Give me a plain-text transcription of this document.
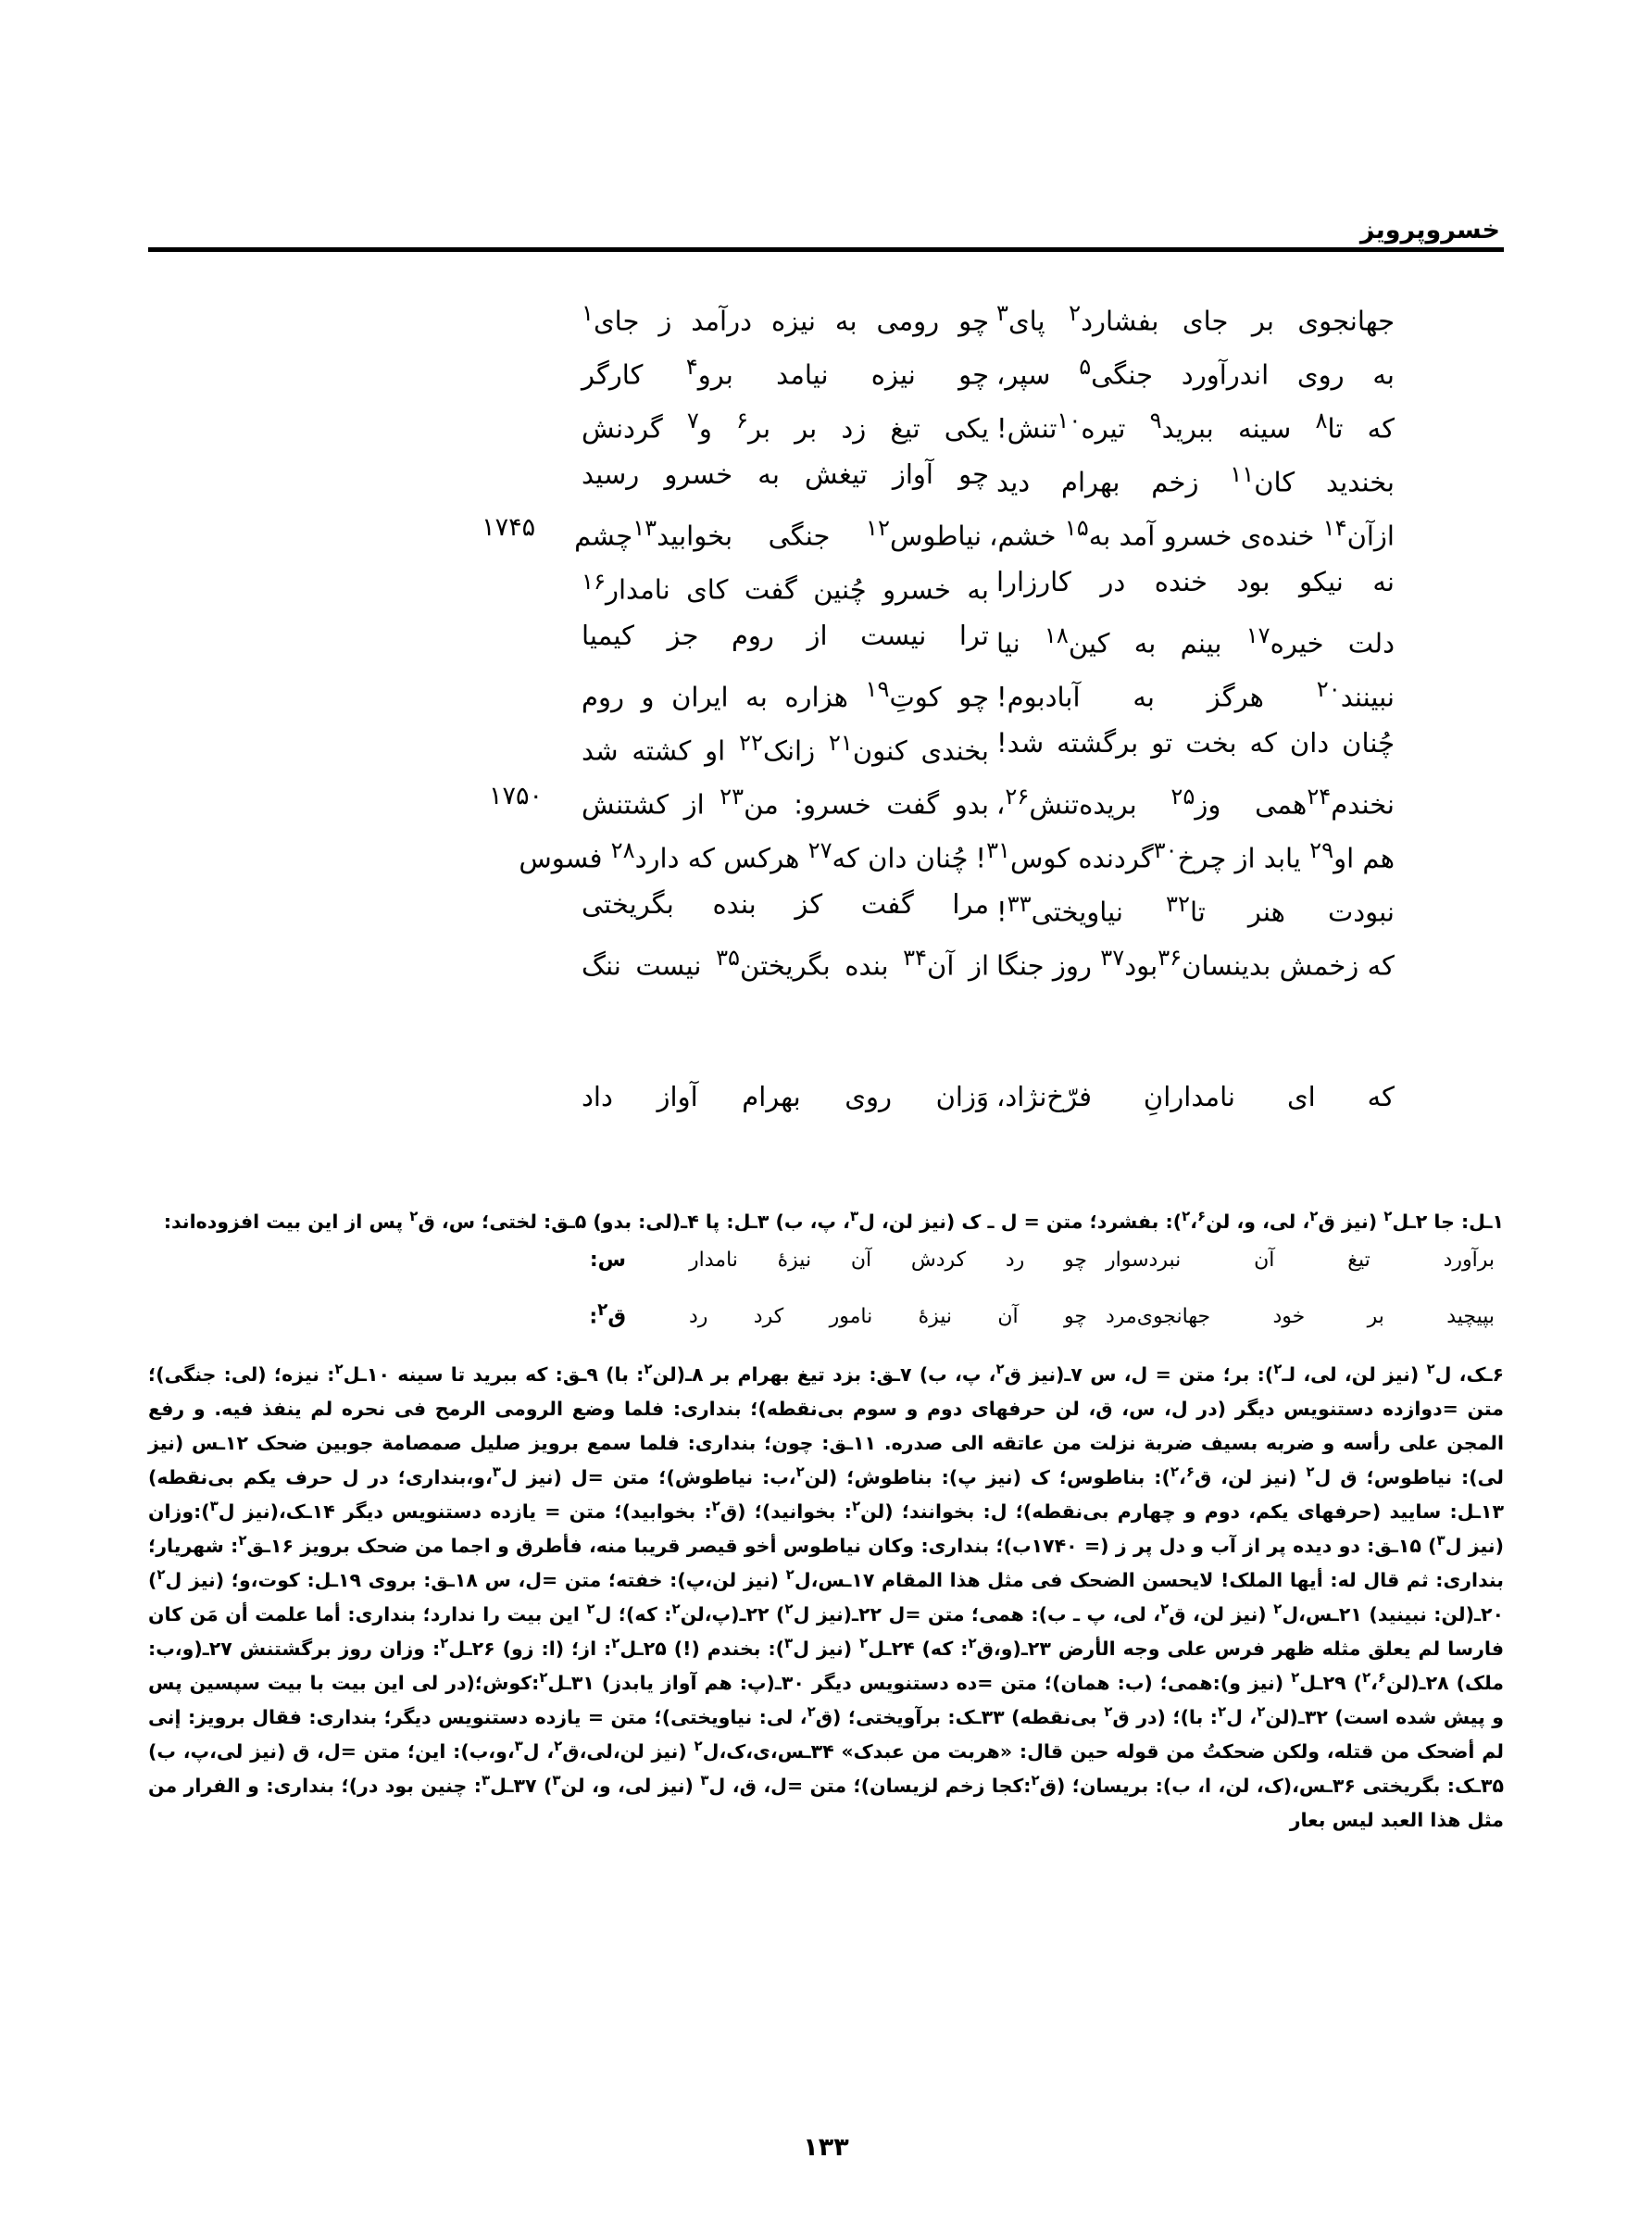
خسروپرویز
جهانجوی بر جای بفشارد$^۲$ پای$^۳$
چو رومی به نیزه درآمد ز جای$^۱$
به روی اندرآورد جنگی$^۵$ سپر،
چو نیزه نیامد برو$^۴$ کارگر
که تا$^۸$ سینه ببرید$^۹$ تیره$^{۱۰}$تنش!
یکی تیغ زد بر بر$^۶$ و$^۷$ گردنش
بخندید کان$^{۱۱}$ زخم بهرام دید
چو آواز تیغش به خسرو رسید
ازآن$^{۱۴}$ خنده‌ی خسرو آمد به$^{۱۵}$ خشم،
نیاطوس$^{۱۲}$ جنگی بخوابید$^{۱۳}$چشم
۱۷۴۵
نه نیکو بود خنده در کارزارا
به خسرو چُنین گفت کای نامدار$^{۱۶}$
دلت خیره$^{۱۷}$ بینم به کین$^{۱۸}$ نیا
ترا نیست از روم جز کیمیا
نبینند$^{۲۰}$ هرگز به آبادبوم!
چو کوتِ$^{۱۹}$ هزاره به ایران و روم
چُنان دان که بخت تو برگشته شد!
بخندی کنون$^{۲۱}$ زانک$^{۲۲}$ او کشته شد
نخندم$^{۲۴}$همی وز$^{۲۵}$ بریده‌تنش$^{۲۶}$،
بدو گفت خسرو: من$^{۲۳}$ از کشتنش
۱۷۵۰
هم او$^{۲۹}$ یابد از چرخ$^{۳۰}$گردنده کوس$^{۳۱}$!
چُنان دان که$^{۲۷}$ هرکس که دارد$^{۲۸}$ فسوس
نبودت هنر تا$^{۳۲}$ نیاویختی$^{۳۳}$!
مرا گفت کز بنده بگریختی
که زخمش بدینسان$^{۳۶}$بود$^{۳۷}$ روز جنگا
از آن$^{۳۴}$ بنده بگریختن$^{۳۵}$ نیست ننگ
که ای نامدارانِ فرّخ‌نژاد،
وَزان روی بهرام آواز داد

۱ـل: جا ۲ـل$^۲$ (نیز ق$^۲$، لی، و، لن$^۲$،$^۶$): بفشرد؛ متن = ل ـ ک (نیز لن، ل$^۳$، پ، ب) ۳ـل: پا ۴ـ(لی: بدو) ۵ـق: لختی؛ س، ق$^۲$ پس از این بیت افزوده‌اند:

برآورد تیغ آن نبردسوار
چو رد کردش آن نیزهٔ نامدار
س:
بپیچید بر خود جهانجوی‌مرد
چو آن نیزهٔ نامور کرد رد
ق$^۲$:

۶ـک، ل$^۲$ (نیز لن، لی، لـ$^۲$): بر؛ متن = ل، س ۷ـ(نیز ق$^۲$، پ، ب) ۷ـق: بزد تیغ بهرام بر ۸ـ(لن$^۲$: با) ۹ـق: که ببرید تا سینه ۱۰ـل$^۲$: نیزه؛ (لی: جنگی)؛ متن =دوازده دستنویس دیگر (در ل، س، ق، لن حرفهای دوم و سوم بی‌نقطه)؛ بنداری: فلما وضع الرومی الرمح فی نحره لم ینفذ فیه. و رفع المجن علی رأسه و ضربه بسیف ضربة نزلت من عاتقه الی صدره. ۱۱ـق: چون؛ بنداری: فلما سمع برویز صلیل صمصامة جوبین ضحک ۱۲ـس (نیز لی): نیاطوس؛ ق ل$^۲$ (نیز لن، ق$^۲$،$^۶$): بناطوس؛ ک (نیز پ): بناطوش؛ (لن$^۲$،ب: نیاطوش)؛ متن =ل (نیز ل$^۳$،و،بنداری؛ در ل حرف یکم بی‌نقطه) ۱۳ـل: سایید (حرفهای یکم، دوم و چهارم بی‌نقطه)؛ ل: بخوانند؛ (لن$^۲$: بخوانید)؛ (ق$^۲$: بخوابید)؛ متن = یازده دستنویس دیگر ۱۴ـک،(نیز ل$^۳$):وزان (نیز ل$^۳$) ۱۵ـق: دو دیده پر از آب و دل پر ز (= ۱۷۴۰ب)؛ بنداری: وکان نیاطوس أخو قیصر قریبا منه، فأطرق و اجما من ضحک برویز ۱۶ـق$^۲$: شهریار؛ بنداری: ثم قال له: أیها الملک! لایحسن الضحک فی مثل هذا المقام ۱۷ـس،ل$^۲$ (نیز لن،پ): خفته؛ متن =ل، س ۱۸ـق: بروی ۱۹ـل: کوت،و؛ (نیز ل$^۲$) ۲۰ـ(لن: نبینید) ۲۱ـس،ل$^۲$ (نیز لن، ق$^۲$، لی، پ ـ ب): همی؛ متن =ل ۲۲ـ(نیز ل$^۲$) ۲۲ـ(پ،لن$^۲$: که)؛ ل$^۲$ این بیت را ندارد؛ بنداری: أما علمت أن مَن کان فارسا لم یعلق مثله ظهر فرس علی وجه الأرض ۲۳ـ(و،ق$^۲$: که) ۲۴ـل$^۲$ (نیز ل$^۳$): بخندم (!) ۲۵ـل$^۲$: از؛ (ا: زو) ۲۶ـل$^۲$: وزان روز برگشتنش ۲۷ـ(و،ب: ملک) ۲۸ـ(لن$^۲$،$^۶$) ۲۹ـل$^۲$ (نیز و):همی؛ (ب: همان)؛ متن =ده دستنویس دیگر ۳۰ـ(پ: هم آواز یابدز) ۳۱ـل$^۲$:کوش؛(در لی این بیت با بیت سپسین پس و پیش شده است) ۳۲ـ(لن$^۲$، ل$^۲$: با)؛ (در ق$^۲$ بی‌نقطه) ۳۳ـک: برآویختی؛ (ق$^۲$، لی: نیاویختی)؛ متن = یازده دستنویس دیگر؛ بنداری: فقال برویز: إنی لم أضحک من قتله، ولکن ضحکتُ من قوله حین قال: «هربت من عبدک» ۳۴ـس،ی،ک،ل$^۲$ (نیز لن،لی،ق$^۲$، ل$^۳$،و،ب): این؛ متن =ل، ق (نیز لی،پ، ب) ۳۵ـک: بگریختی ۳۶ـس،(ک، لن، ا، ب): بریسان؛ (ق$^۲$:کجا زخم لزیسان)؛ متن =ل، ق، ل$^۳$ (نیز لی، و، لن$^۳$) ۳۷ـل$^۳$: چنین بود در)؛ بنداری: و الفرار من مثل هذا العبد لیس بعار

۱۳۳
